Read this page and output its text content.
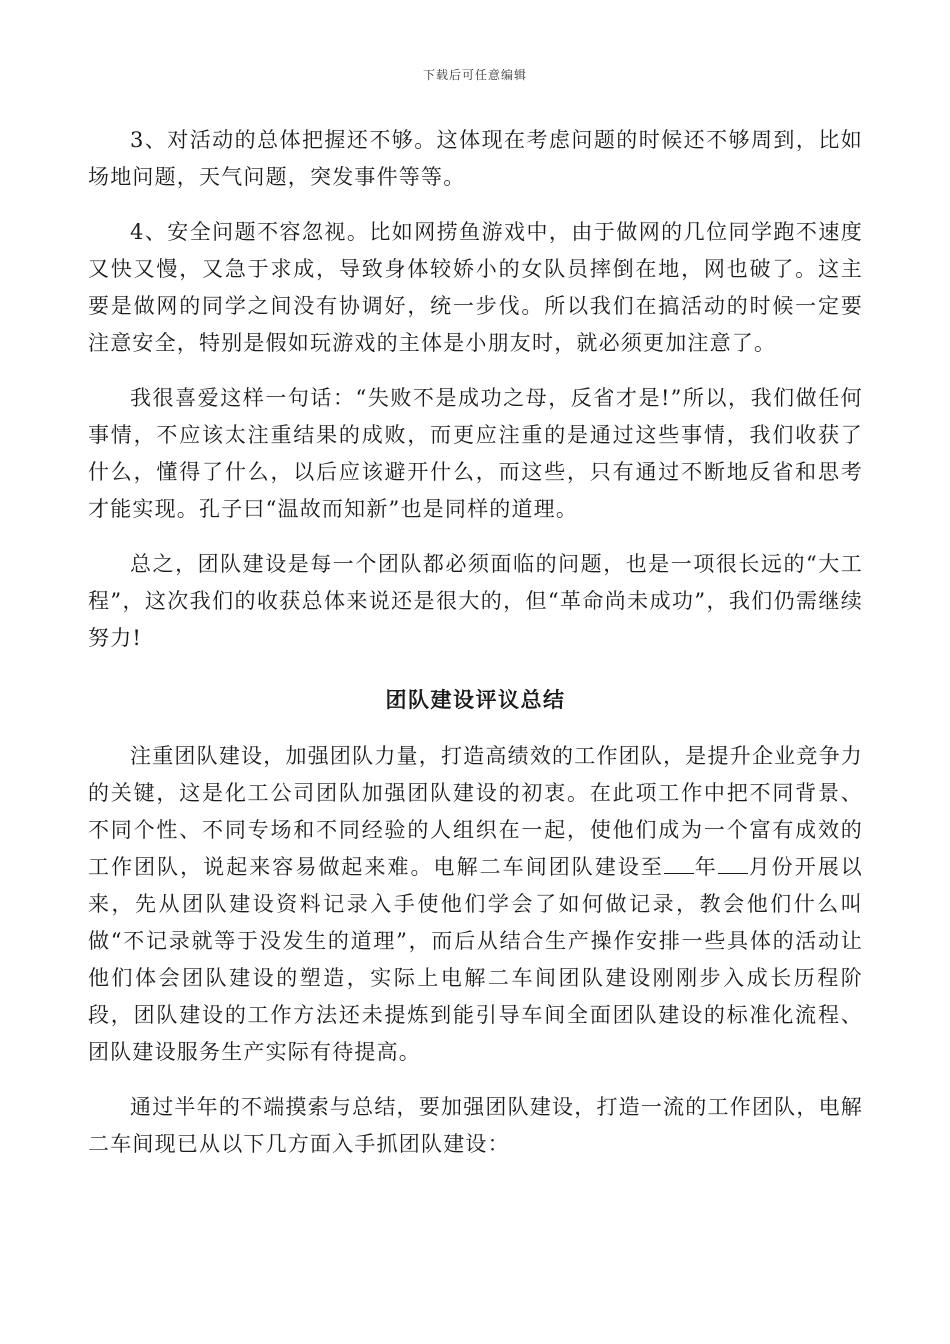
下载后可任意编辑

3、对活动的总体把握还不够。这体现在考虑问题的时候还不够周到，比如场地问题，天气问题，突发事件等等。

4、安全问题不容忽视。比如网捞鱼游戏中，由于做网的几位同学跑不速度又快又慢，又急于求成，导致身体较娇小的女队员摔倒在地，网也破了。这主要是做网的同学之间没有协调好，统一步伐。所以我们在搞活动的时候一定要注意安全，特别是假如玩游戏的主体是小朋友时，就必须更加注意了。

我很喜爱这样一句话：“失败不是成功之母，反省才是!”所以，我们做任何事情，不应该太注重结果的成败，而更应注重的是通过这些事情，我们收获了什么，懂得了什么，以后应该避开什么，而这些，只有通过不断地反省和思考才能实现。孔子曰“温故而知新”也是同样的道理。

总之，团队建设是每一个团队都必须面临的问题，也是一项很长远的“大工程”，这次我们的收获总体来说还是很大的，但“革命尚未成功”，我们仍需继续努力!

团队建设评议总结

注重团队建设，加强团队力量，打造高绩效的工作团队，是提升企业竞争力的关键，这是化工公司团队加强团队建设的初衷。在此项工作中把不同背景、不同个性、不同专场和不同经验的人组织在一起，使他们成为一个富有成效的工作团队，说起来容易做起来难。电解二车间团队建设至 年 月份开展以来，先从团队建设资料记录入手使他们学会了如何做记录，教会他们什么叫做“不记录就等于没发生的道理”，而后从结合生产操作安排一些具体的活动让他们体会团队建设的塑造，实际上电解二车间团队建设刚刚步入成长历程阶段，团队建设的工作方法还未提炼到能引导车间全面团队建设的标准化流程、团队建设服务生产实际有待提高。

通过半年的不端摸索与总结，要加强团队建设，打造一流的工作团队，电解二车间现已从以下几方面入手抓团队建设：
